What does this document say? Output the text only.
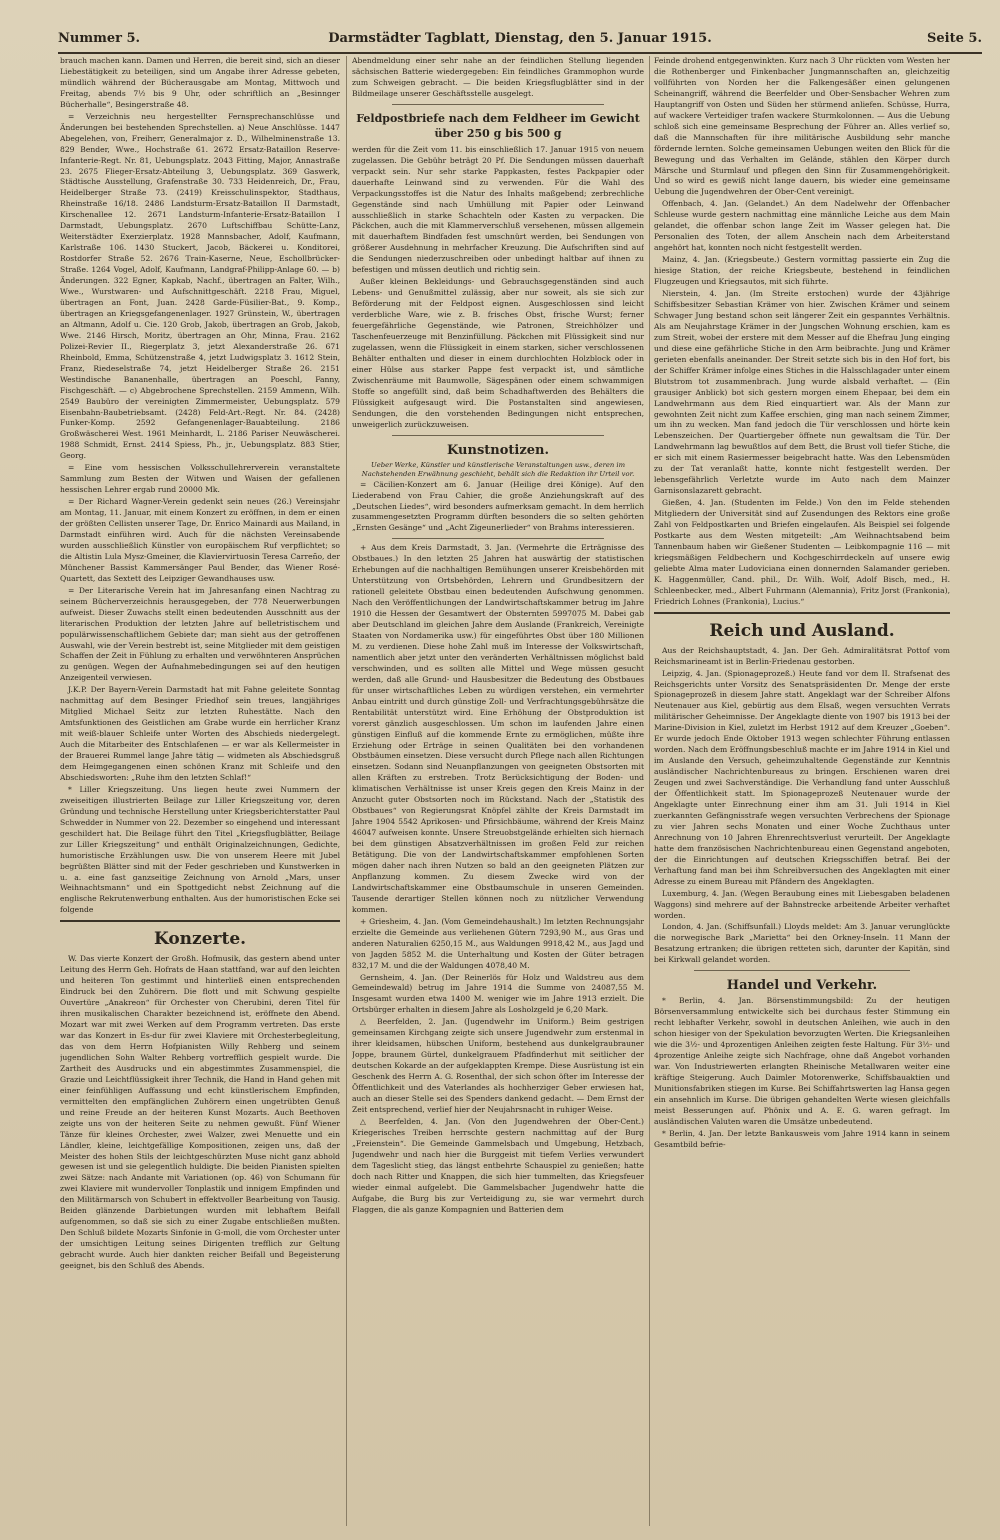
Nummer 5.	Darmstädter Tagblatt, Dienstag, den 5. Januar 1915.	Seite 5.

brauch machen kann. Damen und Herren, die bereit sind, sich an dieser Liebestätigkeit zu beteiligen, sind um Angabe ihrer Adresse gebeten, mündlich während der Bücherausgabe am Montag, Mittwoch und Freitag, abends 7½ bis 9 Uhr, oder schriftlich an „Besinnger Bücherhalle“, Besingerstraße 48.

= Verzeichnis neu hergestellter Fernsprechanschlüsse und Änderungen bei bestehenden Sprechstellen. a) Neue Anschlüsse. 1447 Abegelehen, von, Freiherr, Generalmajor z. D., Wilhelminenstraße 13. 829 Bender, Wwe., Hochstraße 61. 2672 Ersatz-Bataillon Reserve-Infanterie-Regt. Nr. 81, Uebungsplatz. 2043 Fitting, Major, Annastraße 23. 2675 Flieger-Ersatz-Abteilung 3, Uebungsplatz. 369 Gaswerk, Städtische Ausstellung, Grafenstraße 30. 733 Heidenreich, Dr., Frau, Heidelberger Straße 73. (2419) Kreisschulinspektor, Stadthaus, Rheinstraße 16/18. 2486 Landsturm-Ersatz-Bataillon II Darmstadt, Kirschenallee 12. 2671 Landsturm-Infanterie-Ersatz-Bataillon I Darmstadt, Uebungsplatz. 2670 Luftschiffbau Schütte-Lanz, Weiterstädter Exerzierplatz. 1928 Mannsbacher, Adolf, Kaufmann, Karlstraße 106. 1430 Stuckert, Jacob, Bäckerei u. Konditorei, Rostdorfer Straße 52. 2676 Train-Kaserne, Neue, Eschollbrücker-Straße. 1264 Vogel, Adolf, Kaufmann, Landgraf-Philipp-Anlage 60. — b) Änderungen. 322 Egner, Kapkab, Nachf., übertragen an Falter, Wilh., Wwe., Wurstwaren- und Aufschnittgeschäft. 2218 Frau, Miguel, übertragen an Font, Juan. 2428 Garde-Füsilier-Bat., 9. Komp., übertragen an Kriegsgefangenenlager. 1927 Grünstein, W., übertragen an Altmann, Adolf u. Cie. 120 Grob, Jakob, übertragen an Grob, Jakob, Wwe. 2146 Hirsch, Moritz, übertragen an Ohr, Minna, Frau. 2162 Polizei-Revier II., Riegerplatz 3, jetzt Alexanderstraße 26. 671 Rheinbold, Emma, Schützenstraße 4, jetzt Ludwigsplatz 3. 1612 Stein, Franz, Riedeselstraße 74, jetzt Heidelberger Straße 26. 2151 Westindische Bananenhalle, übertragen an Poeschl, Fanny, Fischgeschäft. — c) Abgebrochene Sprechstellen. 2159 Ammenn, Wilh. 2549 Baubüro der vereinigten Zimmermeister, Uebungsplatz. 579 Eisenbahn-Baubetriebsamt. (2428) Feld-Art.-Regt. Nr. 84. (2428) Funker-Komp. 2592 Gefangenenlager-Bauabteilung. 2186 Großwäscherei West. 1961 Meinhardt, L. 2186 Pariser Neuwäscherei. 1988 Schmidt, Ernst. 2414 Spiess, Ph., jr., Uebungsplatz. 883 Stier, Georg.

= Eine vom hessischen Volksschullehrerverein veranstaltete Sammlung zum Besten der Witwen und Waisen der gefallenen hessischen Lehrer ergab rund 20000 Mk.

= Der Richard Wagner-Verein gedenkt sein neues (26.) Vereinsjahr am Montag, 11. Januar, mit einem Konzert zu eröffnen, in dem er einen der größten Cellisten unserer Tage, Dr. Enrico Mainardi aus Mailand, in Darmstadt einführen wird. Auch für die nächsten Vereinsabende wurden ausschließlich Künstler von europäischem Ruf verpflichtet; so die Altistin Lula Mysz-Gmeiner, die Klaviervirtuosin Teresa Carreño, der Münchener Bassist Kammersänger Paul Bender, das Wiener Rosé-Quartett, das Sextett des Leipziger Gewandhauses usw.

= Der Literarische Verein hat im Jahresanfang einen Nachtrag zu seinem Bücherverzeichnis herausgegeben, der 778 Neuerwerbungen aufweist. Dieser Zuwachs stellt einen bedeutenden Ausschnitt aus der literarischen Produktion der letzten Jahre auf belletristischem und populärwissenschaftlichem Gebiete dar; man sieht aus der getroffenen Auswahl, wie der Verein bestrebt ist, seine Mitglieder mit dem geistigen Schaffen der Zeit in Fühlung zu erhalten und verwöhnteren Ansprüchen zu genügen. Wegen der Aufnahmebedingungen sei auf den heutigen Anzeigenteil verwiesen.

J.K.P. Der Bayern-Verein Darmstadt hat mit Fahne geleitete Sonntag nachmittag auf dem Besinger Friedhof sein treues, langjähriges Mitglied Michael Seitz zur letzten Ruhestätte. Nach den Amtsfunktionen des Geistlichen am Grabe wurde ein herrlicher Kranz mit weiß-blauer Schleife unter Worten des Abschieds niedergelegt. Auch die Mitarbeiter des Entschlafenen — er war als Kellermeister in der Brauerei Rummel lange Jahre tätig — widmeten als Abschiedsgruß dem Heimgegangenen einen schönen Kranz mit Schleife und den Abschiedsworten: „Ruhe ihm den letzten Schlaf!“

* Liller Kriegszeitung. Uns liegen heute zwei Nummern der zweiseitigen illustrierten Beilage zur Liller Kriegszeitung vor, deren Gründung und technische Herstellung unter Kriegsberichterstatter Paul Schwedder in Nummer von 22. Dezember so eingehend und interessant geschildert hat. Die Beilage führt den Titel „Kriegsflugblätter, Beilage zur Liller Kriegszeitung“ und enthält Originalzeichnungen, Gedichte, humoristische Erzählungen usw. Die von unserem Heere mit Jubel begrüßten Blätter sind mit der Feder geschrieben und Kunstwerken in u. a. eine fast ganzseitige Zeichnung von Arnold „Mars, unser Weihnachtsmann“ und ein Spottgedicht nebst Zeichnung auf die englische Rekrutenwerbung enthalten. Aus der humoristischen Ecke sei folgende

Konzerte.

W. Das vierte Konzert der Großh. Hofmusik, das gestern abend unter Leitung des Herrn Geh. Hofrats de Haan stattfand, war auf den leichten und heiteren Ton gestimmt und hinterließ einen entsprechenden Eindruck bei den Zuhörern. Die flott und mit Schwung gespielte Ouvertüre „Anakreon“ für Orchester von Cherubini, deren Titel für ihren musikalischen Charakter bezeichnend ist, eröffnete den Abend. Mozart war mit zwei Werken auf dem Programm vertreten. Das erste war das Konzert in Es-dur für zwei Klaviere mit Orchesterbegleitung, das von dem Herrn Hofpianisten Willy Rehberg und seinem jugendlichen Sohn Walter Rehberg vortrefflich gespielt wurde. Die Zartheit des Ausdrucks und ein abgestimmtes Zusammenspiel, die Grazie und Leichtflüssigkeit ihrer Technik, die Hand in Hand gehen mit einer feinfühligen Auffassung und echt künstlerischem Empfinden, vermittelten den empfänglichen Zuhörern einen ungetrübten Genuß und reine Freude an der heiteren Kunst Mozarts. Auch Beethoven zeigte uns von der heiteren Seite zu nehmen gewußt. Fünf Wiener Tänze für kleines Orchester, zwei Walzer, zwei Menuette und ein Ländler, kleine, leichtgefällige Kompositionen, zeigen uns, daß der Meister des hohen Stils der leichtgeschürzten Muse nicht ganz abhold gewesen ist und sie gelegentlich huldigte. Die beiden Pianisten spielten zwei Sätze: nach Andante mit Variationen (op. 46) von Schumann für zwei Klaviere mit wundervoller Tonplastik und innigem Empfinden und den Militärmarsch von Schubert in effektvoller Bearbeitung von Tausig. Beiden glänzende Darbietungen wurden mit lebhaftem Beifall aufgenommen, so daß sie sich zu einer Zugabe entschließen mußten. Den Schluß bildete Mozarts Sinfonie in G-moll, die vom Orchester unter der umsichtigen Leitung seines Dirigenten trefflich zur Geltung gebracht wurde. Auch hier dankten reicher Beifall und Begeisterung geeignet, bis den Schluß des Abends.

Abendmeldung einer sehr nahe an der feindlichen Stellung liegenden sächsischen Batterie wiedergegeben: Ein feindliches Grammophon wurde zum Schweigen gebracht. — Die beiden Kriegsflugblätter sind in der Bildmeilage unserer Geschäftsstelle ausgelegt.

Feldpostbriefe nach dem Feldheer im Gewicht über 250 g bis 500 g

werden für die Zeit vom 11. bis einschließlich 17. Januar 1915 von neuem zugelassen. Die Gebühr beträgt 20 Pf. Die Sendungen müssen dauerhaft verpackt sein. Nur sehr starke Pappkasten, festes Packpapier oder dauerhafte Leinwand sind zu verwenden. Für die Wahl des Verpackungsstoffes ist die Natur des Inhalts maßgebend; zerbrechliche Gegenstände sind nach Umhüllung mit Papier oder Leinwand ausschließlich in starke Schachteln oder Kasten zu verpacken. Die Päckchen, auch die mit Klammerverschluß versehenen, müssen allgemein mit dauerhaftem Bindfaden fest umschnürt werden, bei Sendungen von größerer Ausdehnung in mehrfacher Kreuzung. Die Aufschriften sind auf die Sendungen niederzuschreiben oder unbedingt haltbar auf ihnen zu befestigen und müssen deutlich und richtig sein.

Außer kleinen Bekleidungs- und Gebrauchsgegenständen sind auch Lebens- und Genußmittel zulässig, aber nur soweit, als sie sich zur Beförderung mit der Feldpost eignen. Ausgeschlossen sind leicht verderbliche Ware, wie z. B. frisches Obst, frische Wurst; ferner feuergefährliche Gegenstände, wie Patronen, Streichhölzer und Taschenfeuerzeuge mit Benzinfüllung. Päckchen mit Flüssigkeit sind nur zugelassen, wenn die Flüssigkeit in einem starken, sicher verschlossenen Behälter enthalten und dieser in einem durchlochten Holzblock oder in einer Hülse aus starker Pappe fest verpackt ist, und sämtliche Zwischenräume mit Baumwolle, Sägespänen oder einem schwammigen Stoffe so angefüllt sind, daß beim Schadhaftwerden des Behälters die Flüssigkeit aufgesaugt wird. Die Postanstalten sind angewiesen, Sendungen, die den vorstehenden Bedingungen nicht entsprechen, unweigerlich zurückzuweisen.

Kunstnotizen.

Ueber Werke, Künstler und künstlerische Veranstaltungen usw., deren im Nachstehenden Erwähnung geschieht, behält sich die Redaktion ihr Urteil vor.

= Cäcilien-Konzert am 6. Januar (Heilige drei Könige). Auf den Liederabend von Frau Cahier, die große Anziehungskraft auf des „Deutschen Liedes“, wird besonders aufmerksam gemacht. In dem herrlich zusammengesetzten Programm dürften besonders die so selten gehörten „Ernsten Gesänge“ und „Acht Zigeunerlieder“ von Brahms interessieren.

+ Aus dem Kreis Darmstadt, 3. Jan. (Vermehrte die Erträgnisse des Obstbaues.) In den letzten 25 Jahren hat auswärtig der statistischen Erhebungen auf die nachhaltigen Bemühungen unserer Kreisbehörden mit Unterstützung von Ortsbehörden, Lehrern und Grundbesitzern der rationell geleitete Obstbau einen bedeutenden Aufschwung genommen. Nach den Veröffentlichungen der Landwirtschaftskammer betrug im Jahre 1910 die Hessen der Gesamtwert der Obsternten 5997075 M. Dabei gab aber Deutschland im gleichen Jahre dem Auslande (Frankreich, Vereinigte Staaten von Nordamerika usw.) für eingeführtes Obst über 180 Millionen M. zu verdienen. Diese hohe Zahl muß im Interesse der Volkswirtschaft, namentlich aber jetzt unter den veränderten Verhältnissen möglichst bald verschwinden, und es sollten alle Mittel und Wege müssen gesucht werden, daß alle Grund- und Hausbesitzer die Bedeutung des Obstbaues für unser wirtschaftliches Leben zu würdigen verstehen, ein vermehrter Anbau eintritt und durch günstige Zoll- und Verfrachtungsgebührsätze die Rentabilität unterstützt wird. Eine Erhöhung der Obstproduktion ist vorerst gänzlich ausgeschlossen. Um schon im laufenden Jahre einen günstigen Einfluß auf die kommende Ernte zu ermöglichen, müßte ihre Erziehung oder Erträge in seinen Qualitäten bei den vorhandenen Obstbäumen einsetzen. Diese versucht durch Pflege nach allen Richtungen einsetzen. Sodann sind Neuanpflanzungen von geeigneten Obstsorten mit allen Kräften zu erstreben. Trotz Berücksichtigung der Boden- und klimatischen Verhältnisse ist unser Kreis gegen den Kreis Mainz in der Anzucht guter Obstsorten noch im Rückstand. Nach der „Statistik des Obstbaues“ von Regierungsrat Knöpfel zählte der Kreis Darmstadt im Jahre 1904 5542 Aprikosen- und Pfirsichbäume, während der Kreis Mainz 46047 aufweisen konnte. Unsere Streuobstgelände erhielten sich hiernach bei dem günstigen Absatzverhältnissen im großen Feld zur reichen Betätigung. Die von der Landwirtschaftskammer empfohlenen Sorten mögen daher nach ihren Nutzen so bald an den geeigneten Plätzen zur Anpflanzung kommen. Zu diesem Zwecke wird von der Landwirtschaftskammer eine Obstbaumschule in unseren Gemeinden. Tausende derartiger Stellen können noch zu nützlicher Verwendung kommen.

+ Griesheim, 4. Jan. (Vom Gemeindehaushalt.) Im letzten Rechnungsjahr erzielte die Gemeinde aus verliehenen Gütern 7293,90 M., aus Gras und anderen Naturalien 6250,15 M., aus Waldungen 9918,42 M., aus Jagd und von Jagden 5852 M. die Unterhaltung und Kosten der Güter betragen 832,17 M. und die der Waldungen 4078,40 M.

Gernsheim, 4. Jan. (Der Reinerlös für Holz und Waldstreu aus dem Gemeindewald) betrug im Jahre 1914 die Summe von 24087,55 M. Insgesamt wurden etwa 1400 M. weniger wie im Jahre 1913 erzielt. Die Ortsbürger erhalten in diesem Jahre als Losholzgeld je 6,20 Mark.

△ Beerfelden, 2. Jan. (Jugendwehr im Uniform.) Beim gestrigen gemeinsamen Kirchgang zeigte sich unsere Jugendwehr zum erstenmal in ihrer kleidsamen, hübschen Uniform, bestehend aus dunkelgraubrauner Joppe, braunem Gürtel, dunkelgrauem Pfadfinderhut mit seitlicher der deutschen Kokarde an der aufgeklappten Krempe. Diese Ausrüstung ist ein Geschenk des Herrn A. G. Rosenthal, der sich schon öfter im Interesse der Öffentlichkeit und des Vaterlandes als hochherziger Geber erwiesen hat, auch an dieser Stelle sei des Spenders dankend gedacht. — Dem Ernst der Zeit entsprechend, verlief hier der Neujahrsnacht in ruhiger Weise.

△ Beerfelden, 4. Jan. (Von den Jugendwehren der Ober-Cent.) Kriegerisches Treiben herrschte gestern nachmittag auf der Burg „Freienstein“. Die Gemeinde Gammelsbach und Umgebung, Hetzbach, Jugendwehr und nach hier die Burggeist mit tiefem Verlies verwundert dem Tageslicht stieg, das längst entbehrte Schauspiel zu genießen; hatte doch nach Ritter und Knappen, die sich hier tummelten, das Kriegsfeuer wieder einmal aufgelebt. Die Gammelsbacher Jugendwehr hatte die Aufgabe, die Burg bis zur Verteidigung zu, sie war vermehrt durch Flaggen, die als ganze Kompagnien und Batterien dem

Feinde drohend entgegenwinkten. Kurz nach 3 Uhr rückten vom Westen her die Rothenberger und Finkenbacher Jungmannschaften an, gleichzeitig vollführten von Norden her die Falkengesäßer einen gelungenen Scheinangriff, während die Beerfelder und Ober-Sensbacher Wehren zum Hauptangriff von Osten und Süden her stürmend anliefen. Schüsse, Hurra, auf wackere Verteidiger trafen wackere Sturmkolonnen. — Aus die Uebung schloß sich eine gemeinsame Besprechung der Führer an. Alles verlief so, daß die Mannschaften für ihre militärische Ausbildung sehr manche fördernde lernten. Solche gemeinsamen Uebungen weiten den Blick für die Bewegung und das Verhalten im Gelände, stählen den Körper durch Märsche und Sturmlauf und pflegen den Sinn für Zusammengehörigkeit. Und so wird es gewiß nicht lange dauern, bis wieder eine gemeinsame Uebung die Jugendwehren der Ober-Cent vereinigt.

Offenbach, 4. Jan. (Gelandet.) An dem Nadelwehr der Offenbacher Schleuse wurde gestern nachmittag eine männliche Leiche aus dem Main gelandet, die offenbar schon lange Zeit im Wasser gelegen hat. Die Personalien des Toten, der allem Anschein nach dem Arbeiterstand angehört hat, konnten noch nicht festgestellt werden.

Mainz, 4. Jan. (Kriegsbeute.) Gestern vormittag passierte ein Zug die hiesige Station, der reiche Kriegsbeute, bestehend in feindlichen Flugzeugen und Kriegsautos, mit sich führte.

Nierstein, 4. Jan. (Im Streite erstochen) wurde der 43jährige Schiffsbesitzer Sebastian Krämer von hier. Zwischen Krämer und seinem Schwager Jung bestand schon seit längerer Zeit ein gespanntes Verhältnis. Als am Neujahrstage Krämer in der Jungschen Wohnung erschien, kam es zum Streit, wobei der erstere mit dem Messer auf die Ehefrau Jung einging und diese eine gefährliche Stiche in den Arm beibrachte. Jung und Krämer gerieten ebenfalls aneinander. Der Streit setzte sich bis in den Hof fort, bis der Schiffer Krämer infolge eines Stiches in die Halsschlagader unter einem Blutstrom tot zusammenbrach. Jung wurde alsbald verhaftet. — (Ein grausiger Anblick) bot sich gestern morgen einem Ehepaar, bei dem ein Landwehrmann aus dem Ried einquartiert war. Als der Mann zur gewohnten Zeit nicht zum Kaffee erschien, ging man nach seinem Zimmer, um ihn zu wecken. Man fand jedoch die Tür verschlossen und hörte kein Lebenszeichen. Der Quartiergeber öffnete nun gewaltsam die Tür. Der Landwehrmann lag bewußtlos auf dem Bett, die Brust voll tiefer Stiche, die er sich mit einem Rasiermesser beigebracht hatte. Was den Lebensmüden zu der Tat veranlaßt hatte, konnte nicht festgestellt werden. Der lebensgefährlich Verletzte wurde im Auto nach dem Mainzer Garnisonslazarett gebracht.

Gießen, 4. Jan. (Studenten im Felde.) Von den im Felde stehenden Mitgliedern der Universität sind auf Zusendungen des Rektors eine große Zahl von Feldpostkarten und Briefen eingelaufen. Als Beispiel sei folgende Postkarte aus dem Westen mitgeteilt: „Am Weihnachtsabend beim Tannenbaum haben wir Gießener Studenten — Leibkompagnie 116 — mit kriegsmäßigen Feldbechern und Kochgeschirrdeckeln auf unsere ewig geliebte Alma mater Ludoviciana einen donnernden Salamander gerieben. K. Haggenmüller, Cand. phil., Dr. Wilh. Wolf, Adolf Bisch, med., H. Schleenbecker, med., Albert Fuhrmann (Alemannia), Fritz Jorst (Frankonia), Friedrich Lohnes (Frankonia), Lucius.“

Reich und Ausland.

Aus der Reichshauptstadt, 4. Jan. Der Geh. Admiralitätsrat Pottof vom Reichsmarineamt ist in Berlin-Friedenau gestorben.

Leipzig, 4. Jan. (Spionageprozeß.) Heute fand vor dem II. Strafsenat des Reichsgerichts unter Vorsitz des Senatspräsidenten Dr. Menge der erste Spionageprozeß in diesem Jahre statt. Angeklagt war der Schreiber Alfons Neutenauer aus Kiel, gebürtig aus dem Elsaß, wegen versuchten Verrats militärischer Geheimnisse. Der Angeklagte diente von 1907 bis 1913 bei der Marine-Division in Kiel, zuletzt im Herbst 1912 auf dem Kreuzer „Goeben“. Er wurde jedoch Ende Oktober 1913 wegen schlechter Führung entlassen worden. Nach dem Eröffnungsbeschluß machte er im Jahre 1914 in Kiel und im Auslande den Versuch, geheimzuhaltende Gegenstände zur Kenntnis ausländischer Nachrichtenbureaus zu bringen. Erschienen waren drei Zeugen und zwei Sachverständige. Die Verhandlung fand unter Ausschluß der Öffentlichkeit statt. Im Spionageprozeß Neutenauer wurde der Angeklagte unter Einrechnung einer ihm am 31. Juli 1914 in Kiel zuerkannten Gefängnisstrafe wegen versuchten Verbrechens der Spionage zu vier Jahren sechs Monaten und einer Woche Zuchthaus unter Anrechnung von 10 Jahren Ehrenrechtsverlust verurteilt. Der Angeklagte hatte dem französischen Nachrichtenbureau einen Gegenstand angeboten, der die Einrichtungen auf deutschen Kriegsschiffen betraf. Bei der Verhaftung fand man bei ihm Schreibversuchen des Angeklagten mit einer Adresse zu einem Bureau mit Pfändern des Angeklagten.

Luxemburg, 4. Jan. (Wegen Beraubung eines mit Liebesgaben beladenen Waggons) sind mehrere auf der Bahnstrecke arbeitende Arbeiter verhaftet worden.

London, 4. Jan. (Schiffsunfall.) Lloyds meldet: Am 3. Januar verunglückte die norwegische Bark „Marietta“ bei den Orkney-Inseln. 11 Mann der Besatzung ertranken; die übrigen retteten sich, darunter der Kapitän, sind bei Kirkwall gelandet worden.

Handel und Verkehr.

* Berlin, 4. Jan. Börsenstimmungsbild: Zu der heutigen Börsenversammlung entwickelte sich bei durchaus fester Stimmung ein recht lebhafter Verkehr, sowohl in deutschen Anleihen, wie auch in den schon hiesiger von der Spekulation bevorzugten Werten. Die Kriegsanleihen wie die 3½- und 4prozentigen Anleihen zeigten feste Haltung. Für 3½- und 4prozentige Anleihe zeigte sich Nachfrage, ohne daß Angebot vorhanden war. Von Industriewerten erlangten Rheinische Metallwaren weiter eine kräftige Steigerung. Auch Daimler Motorenwerke, Schiffsbauaktien und Munitionsfabriken stiegen im Kurse. Bei Schiffahrtswerten lag Hansa gegen ein ansehnlich im Kurse. Die übrigen gehandelten Werte wiesen gleichfalls meist Besserungen auf. Phönix und A. E. G. waren gefragt. Im ausländischen Valuten waren die Umsätze unbedeutend.

* Berlin, 4. Jan. Der letzte Bankausweis vom Jahre 1914 kann in seinem Gesamtbild befrie-
